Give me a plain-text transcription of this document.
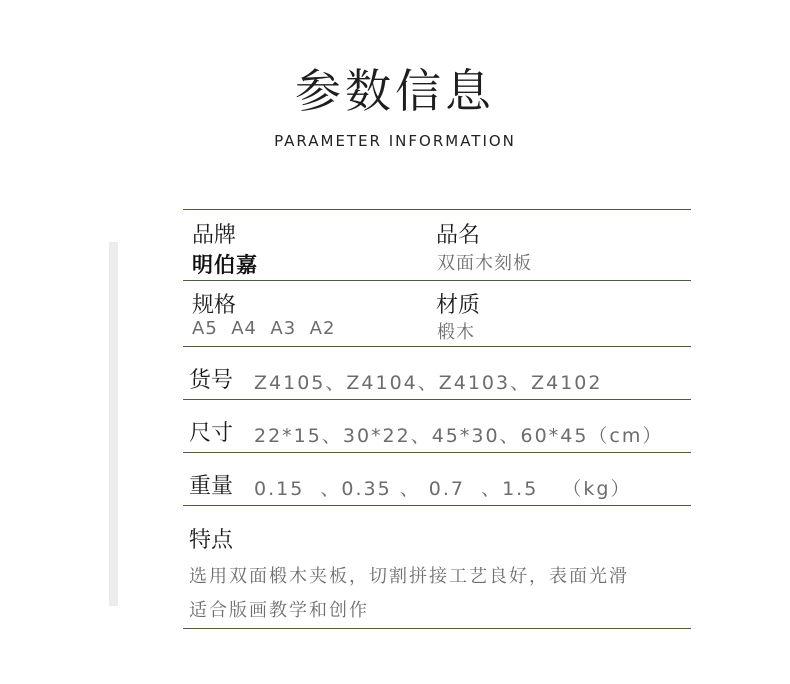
参数信息
PARAMETER INFORMATION
品牌
明伯嘉
品名
双面木刻板
规格
A5  A4  A3  A2
材质
椴木
货号 Z4105、Z4104、Z4103、Z4102
尺寸 22*15、30*22、45*30、60*45（cm）
重量 0.15  、0.35 、 0.7  、1.5   （kg）
特点
选用双面椴木夹板，切割拼接工艺良好，表面光滑
适合版画教学和创作
